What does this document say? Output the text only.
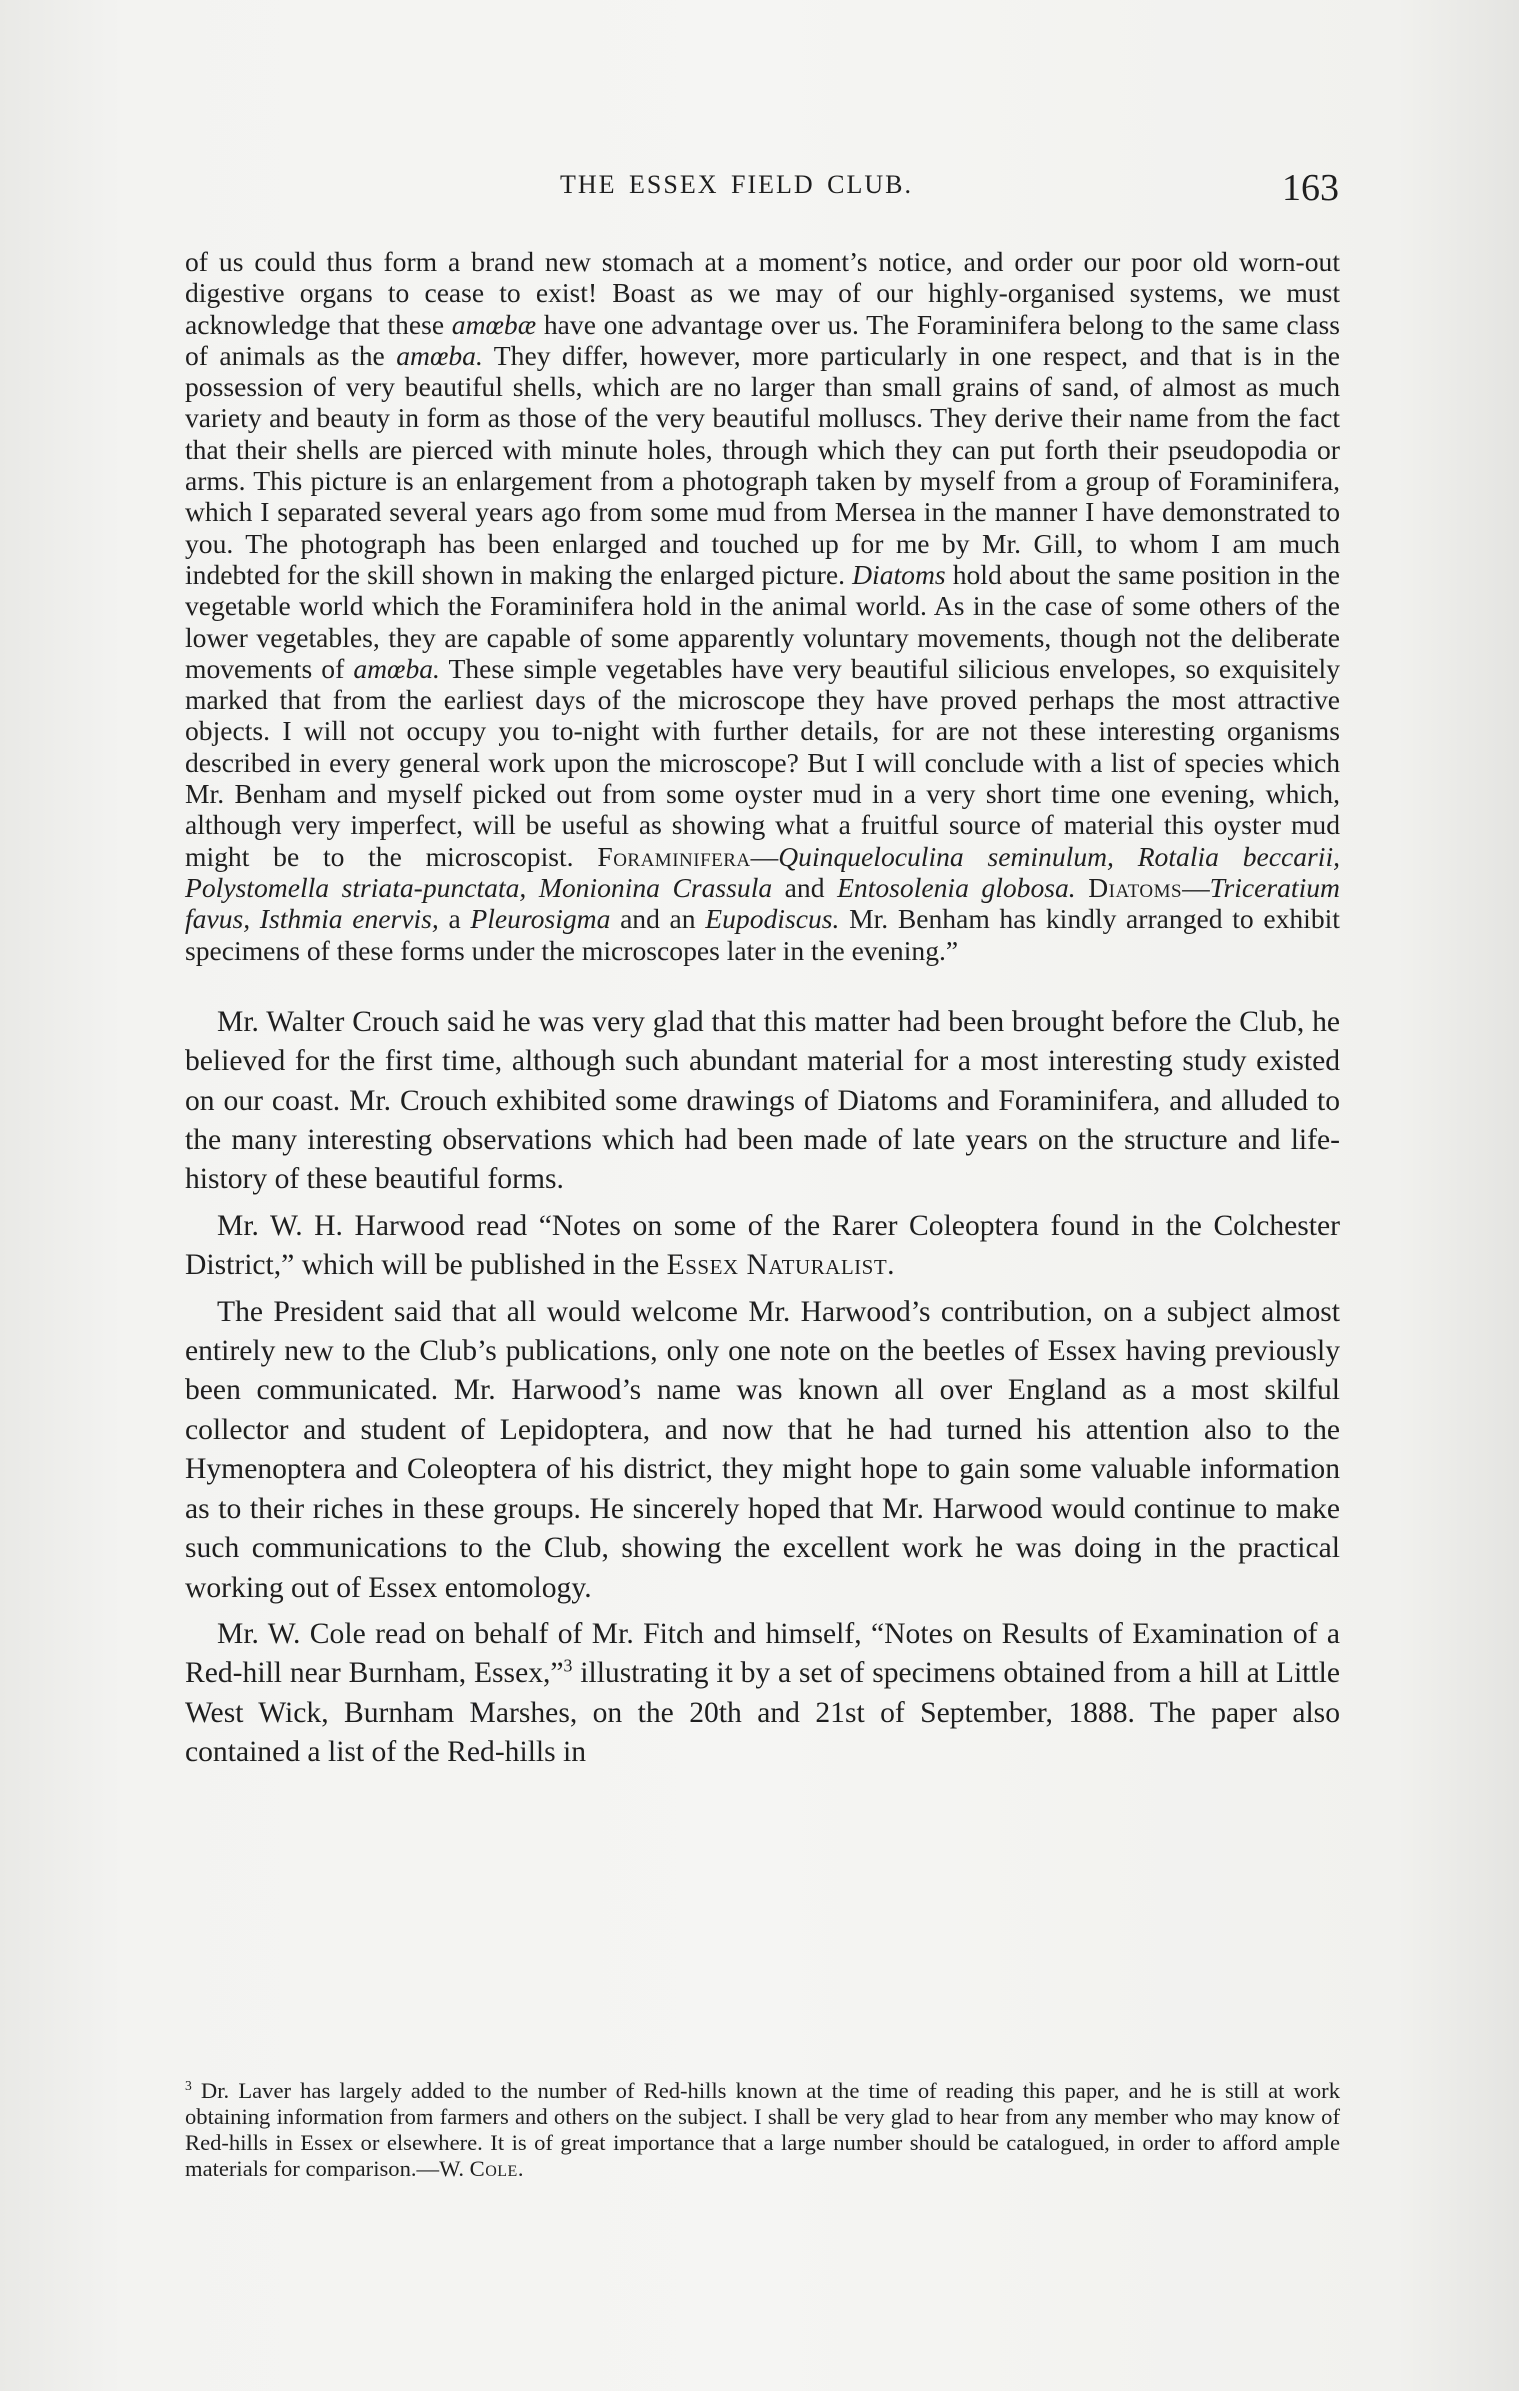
THE ESSEX FIELD CLUB.	163

of us could thus form a brand new stomach at a moment’s notice, and order our poor old worn-out digestive organs to cease to exist! Boast as we may of our highly-organised systems, we must acknowledge that these amœbæ have one advantage over us. The Foraminifera belong to the same class of animals as the amœba. They differ, however, more particularly in one respect, and that is in the possession of very beautiful shells, which are no larger than small grains of sand, of almost as much variety and beauty in form as those of the very beautiful molluscs. They derive their name from the fact that their shells are pierced with minute holes, through which they can put forth their pseudopodia or arms. This picture is an enlargement from a photograph taken by myself from a group of Foraminifera, which I separated several years ago from some mud from Mersea in the manner I have demonstrated to you. The photograph has been enlarged and touched up for me by Mr. Gill, to whom I am much indebted for the skill shown in making the enlarged picture. Diatoms hold about the same position in the vegetable world which the Foraminifera hold in the animal world. As in the case of some others of the lower vegetables, they are capable of some apparently voluntary movements, though not the deliberate movements of amœba. These simple vegetables have very beautiful silicious envelopes, so exquisitely marked that from the earliest days of the microscope they have proved perhaps the most attractive objects. I will not occupy you to-night with further details, for are not these interesting organisms described in every general work upon the microscope? But I will conclude with a list of species which Mr. Benham and myself picked out from some oyster mud in a very short time one evening, which, although very imperfect, will be useful as showing what a fruitful source of material this oyster mud might be to the microscopist. Foraminifera—Quinqueloculina seminulum, Rotalia beccarii, Polystomella striata-punctata, Monionina Crassula and Entosolenia globosa. Diatoms—Triceratium favus, Isthmia enervis, a Pleurosigma and an Eupodiscus. Mr. Benham has kindly arranged to exhibit specimens of these forms under the microscopes later in the evening.”

Mr. Walter Crouch said he was very glad that this matter had been brought before the Club, he believed for the first time, although such abundant material for a most interesting study existed on our coast. Mr. Crouch exhibited some drawings of Diatoms and Foraminifera, and alluded to the many interesting observations which had been made of late years on the structure and life-history of these beautiful forms.

Mr. W. H. Harwood read “Notes on some of the Rarer Coleoptera found in the Colchester District,” which will be published in the Essex Naturalist.

The President said that all would welcome Mr. Harwood’s contribution, on a subject almost entirely new to the Club’s publications, only one note on the beetles of Essex having previously been communicated. Mr. Harwood’s name was known all over England as a most skilful collector and student of Lepidoptera, and now that he had turned his attention also to the Hymenoptera and Coleoptera of his district, they might hope to gain some valuable information as to their riches in these groups. He sincerely hoped that Mr. Harwood would continue to make such communications to the Club, showing the excellent work he was doing in the practical working out of Essex entomology.

Mr. W. Cole read on behalf of Mr. Fitch and himself, “Notes on Results of Examination of a Red-hill near Burnham, Essex,”$^3$ illustrating it by a set of specimens obtained from a hill at Little West Wick, Burnham Marshes, on the 20th and 21st of September, 1888. The paper also contained a list of the Red-hills in

$^3$ Dr. Laver has largely added to the number of Red-hills known at the time of reading this paper, and he is still at work obtaining information from farmers and others on the subject. I shall be very glad to hear from any member who may know of Red-hills in Essex or elsewhere. It is of great importance that a large number should be catalogued, in order to afford ample materials for comparison.—W. Cole.
